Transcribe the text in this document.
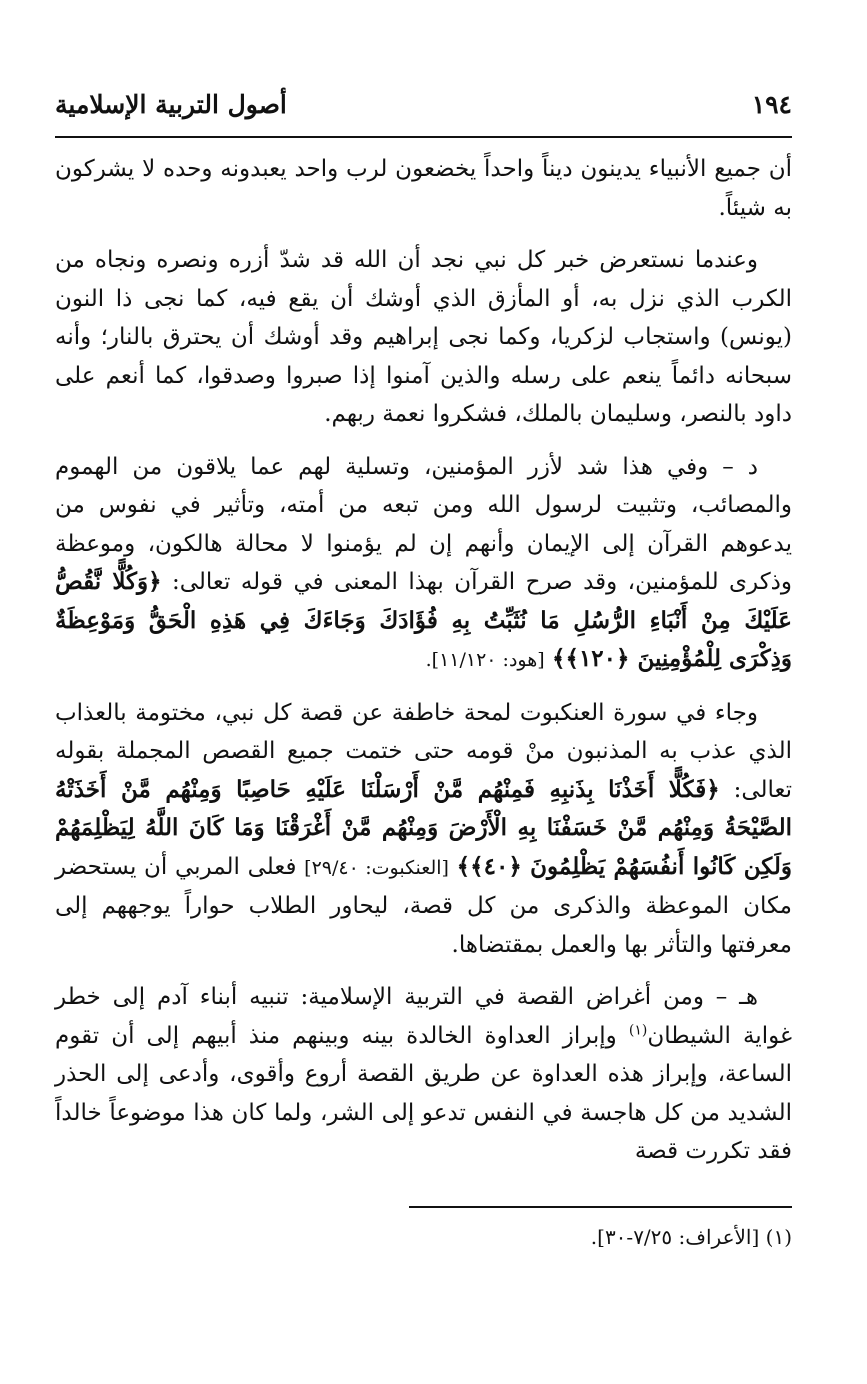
١٩٤
أصول التربية الإسلامية

أن جميع الأنبياء يدينون ديناً واحداً يخضعون لرب واحد يعبدونه وحده لا يشركون به شيئاً.

وعندما نستعرض خبر كل نبي نجد أن الله قد شدّ أزره ونصره ونجاه من الكرب الذي نزل به، أو المأزق الذي أوشك أن يقع فيه، كما نجى ذا النون (يونس) واستجاب لزكريا، وكما نجى إبراهيم وقد أوشك أن يحترق بالنار؛ وأنه سبحانه دائماً ينعم على رسله والذين آمنوا إذا صبروا وصدقوا، كما أنعم على داود بالنصر، وسليمان بالملك، فشكروا نعمة ربهم.

د – وفي هذا شد لأزر المؤمنين، وتسلية لهم عما يلاقون من الهموم والمصائب، وتثبيت لرسول الله ومن تبعه من أمته، وتأثير في نفوس من يدعوهم القرآن إلى الإيمان وأنهم إن لم يؤمنوا لا محالة هالكون، وموعظة وذكرى للمؤمنين، وقد صرح القرآن بهذا المعنى في قوله تعالى: ﴿وَكُلًّا نَّقُصُّ عَلَيْكَ مِنْ أَنْبَاءِ الرُّسُلِ مَا نُثَبِّتُ بِهِ فُؤَادَكَ وَجَاءَكَ فِي هَذِهِ الْحَقُّ وَمَوْعِظَةٌ وَذِكْرَى لِلْمُؤْمِنِينَ ﴿١٢٠﴾﴾ [هود: ١١/١٢٠].

وجاء في سورة العنكبوت لمحة خاطفة عن قصة كل نبي، مختومة بالعذاب الذي عذب به المذنبون منْ قومه حتى ختمت جميع القصص المجملة بقوله تعالى: ﴿فَكُلًّا أَخَذْنَا بِذَنبِهِ فَمِنْهُم مَّنْ أَرْسَلْنَا عَلَيْهِ حَاصِبًا وَمِنْهُم مَّنْ أَخَذَتْهُ الصَّيْحَةُ وَمِنْهُم مَّنْ خَسَفْنَا بِهِ الْأَرْضَ وَمِنْهُم مَّنْ أَغْرَقْنَا وَمَا كَانَ اللَّهُ لِيَظْلِمَهُمْ وَلَكِن كَانُوا أَنفُسَهُمْ يَظْلِمُونَ ﴿٤٠﴾﴾ [العنكبوت: ٢٩/٤٠] فعلى المربي أن يستحضر مكان الموعظة والذكرى من كل قصة، ليحاور الطلاب حواراً يوجههم إلى معرفتها والتأثر بها والعمل بمقتضاها.

هـ – ومن أغراض القصة في التربية الإسلامية: تنبيه أبناء آدم إلى خطر غواية الشيطان$^{(١)}$ وإبراز العداوة الخالدة بينه وبينهم منذ أبيهم إلى أن تقوم الساعة، وإبراز هذه العداوة عن طريق القصة أروع وأقوى، وأدعى إلى الحذر الشديد من كل هاجسة في النفس تدعو إلى الشر، ولما كان هذا موضوعاً خالداً فقد تكررت قصة

(١) [الأعراف: ٧/٢٥-٣٠].
